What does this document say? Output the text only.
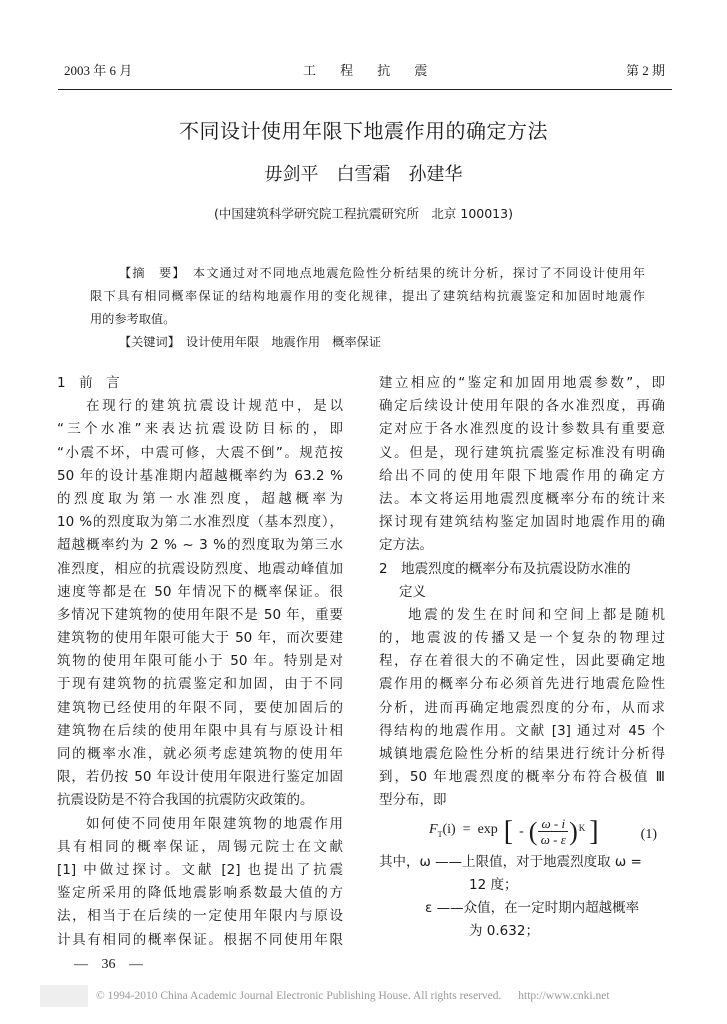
2003 年 6 月	工 程 抗 震	第 2 期
不同设计使用年限下地震作用的确定方法
毋剑平　白雪霜　孙建华
(中国建筑科学研究院工程抗震研究所　北京 100013)
【摘　要】　本文通过对不同地点地震危险性分析结果的统计分析，探讨了不同设计使用年
限下具有相同概率保证的结构地震作用的变化规律，提出了建筑结构抗震鉴定和加固时地震作
用的参考取值。
【关键词】　设计使用年限　地震作用　概率保证
1　前　言
在现行的建筑抗震设计规范中，是以
“三个水准”来表达抗震设防目标的，即
“小震不坏，中震可修，大震不倒”。规范按
50 年的设计基准期内超越概率约为 63.2 %
的烈度取为第一水准烈度，超越概率为
10 %的烈度取为第二水准烈度（基本烈度），
超越概率约为 2 % ~ 3 %的烈度取为第三水
准烈度，相应的抗震设防烈度、地震动峰值加
速度等都是在 50 年情况下的概率保证。很
多情况下建筑物的使用年限不是 50 年，重要
建筑物的使用年限可能大于 50 年，而次要建
筑物的使用年限可能小于 50 年。特别是对
于现有建筑物的抗震鉴定和加固，由于不同
建筑物已经使用的年限不同，要使加固后的
建筑物在后续的使用年限中具有与原设计相
同的概率水准，就必须考虑建筑物的使用年
限，若仍按 50 年设计使用年限进行鉴定加固
抗震设防是不符合我国的抗震防灾政策的。
如何使不同使用年限建筑物的地震作用
具有相同的概率保证，周锡元院士在文献
[1] 中做过探讨。文献 [2] 也提出了抗震
鉴定所采用的降低地震影响系数最大值的方
法，相当于在后续的一定使用年限内与原设
计具有相同的概率保证。根据不同使用年限
建立相应的“鉴定和加固用地震参数”，即
确定后续设计使用年限的各水准烈度，再确
定对应于各水准烈度的设计参数具有重要意
义。但是，现行建筑抗震鉴定标准没有明确
给出不同的使用年限下地震作用的确定方
法。本文将运用地震烈度概率分布的统计来
探讨现有建筑结构鉴定加固时地震作用的确
定方法。
2　地震烈度的概率分布及抗震设防水准的
定义
地震的发生在时间和空间上都是随机
的，地震波的传播又是一个复杂的物理过
程，存在着很大的不确定性，因此要确定地
震作用的概率分布必须首先进行地震危险性
分析，进而再确定地震烈度的分布，从而求
得结构的地震作用。文献 [3] 通过对 45 个
城镇地震危险性分析的结果进行统计分析得
到，50 年地震烈度的概率分布符合极值 Ⅲ
型分布，即
$F_T(i) = \exp$ [ - ( $\frac{\omega - i}{\omega - \varepsilon}$ ) K ]	(1)
其中，ω ——上限值，对于地震烈度取 ω =
12 度；
ε ——众值，在一定时期内超越概率
为 0.632；
— 36 —
© 1994-2010 China Academic Journal Electronic Publishing House. All rights reserved. http://www.cnki.net
